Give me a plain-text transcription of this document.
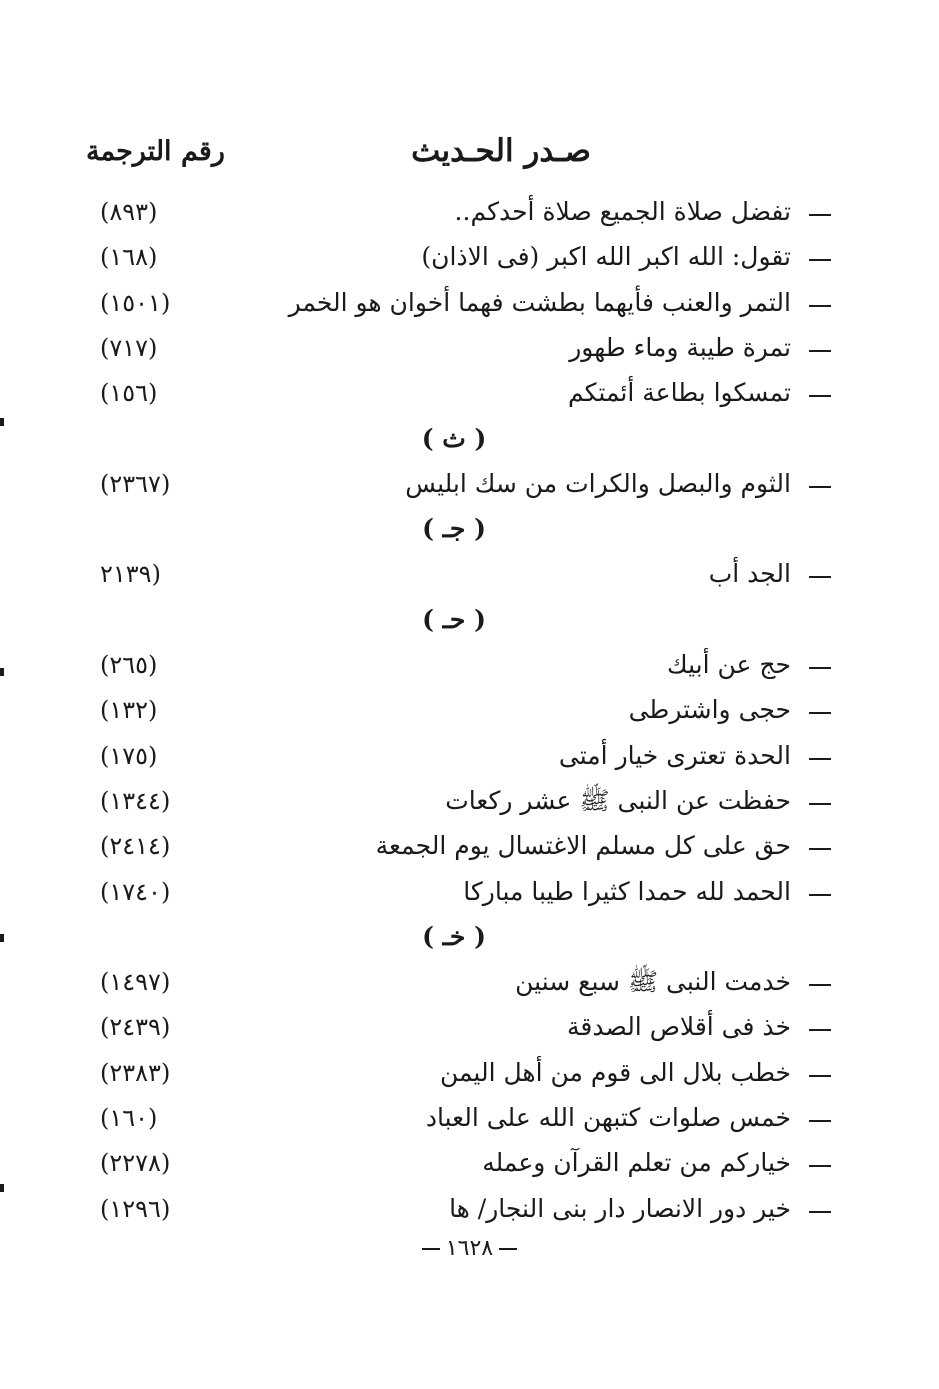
صـدر الحـديث
رقم الترجمة
تفضل صلاة الجميع صلاة أحدكم..
(٨٩٣)
تقول: الله اكبر الله اكبر (فى الاذان)
(١٦٨)
التمر والعنب فأيهما بطشت فهما أخوان هو الخمر
(١٥٠١)
تمرة طيبة وماء طهور
(٧١٧)
تمسكوا بطاعة أئمتكم
(١٥٦)
( ث )
الثوم والبصل والكرات من سك ابليس
(٢٣٦٧)
( جـ )
الجد أب
(٢١٣٩
( حـ )
حج عن أبيك
(٢٦٥)
حجى واشترطى
(١٣٢)
الحدة تعترى خيار أمتى
(١٧٥)
حفظت عن النبى ﷺ عشر ركعات
(١٣٤٤)
حق على كل مسلم الاغتسال يوم الجمعة
(٢٤١٤)
الحمد لله حمدا كثيرا طيبا مباركا
(١٧٤٠)
( خـ )
خدمت النبى ﷺ سبع سنين
(١٤٩٧)
خذ فى أقلاص الصدقة
(٢٤٣٩)
خطب بلال الى قوم من أهل اليمن
(٢٣٨٣)
خمس صلوات كتبهن الله على العباد
(١٦٠)
خياركم من تعلم القرآن وعمله
(٢٢٧٨)
خير دور الانصار دار بنى النجار/ ها
(١٢٩٦)
١٦٢٨
